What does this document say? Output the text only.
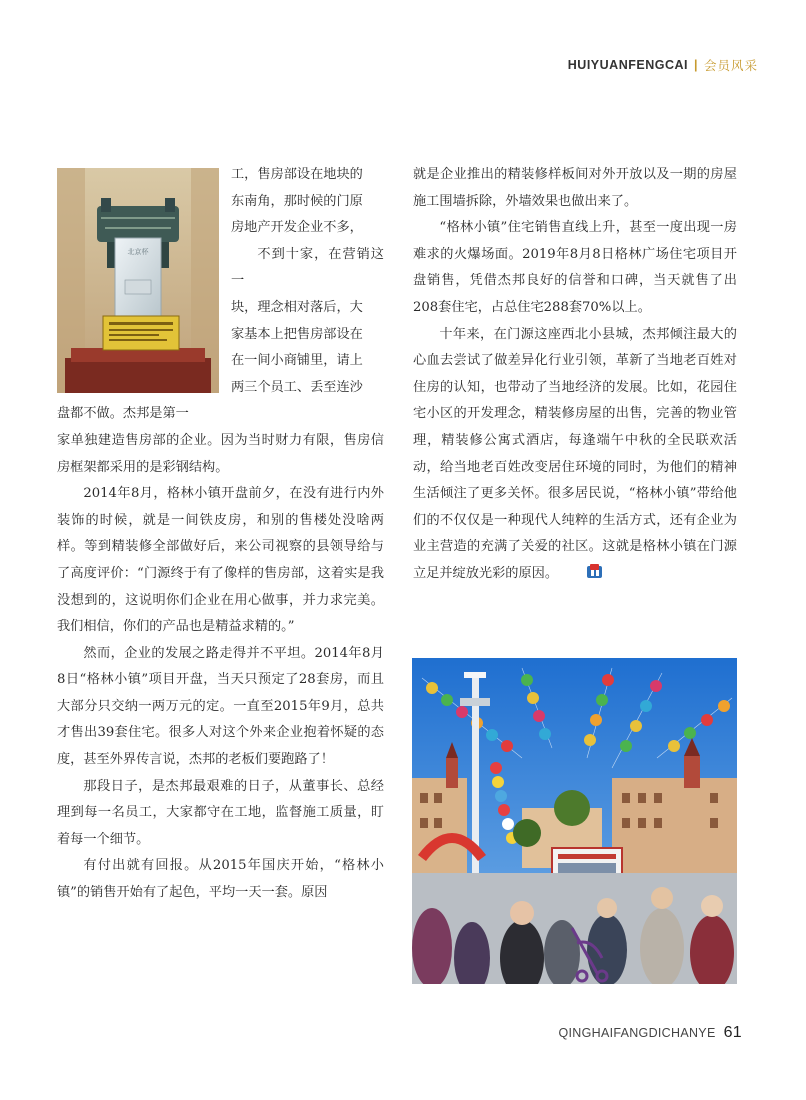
HUIYUANFENGCAI | 会员风采
北京杯

工，售房部设在地块的

东南角，那时候的门原

房地产开发企业不多，

不到十家，在营销这一

块，理念相对落后，大

家基本上把售房部设在

在一间小商铺里，请上

两三个员工、丢至连沙

盘都不做。杰邦是第一

家单独建造售房部的企业。因为当时财力有限，售房信房框架都采用的是彩钢结构。

2014年8月，格林小镇开盘前夕，在没有进行内外装饰的时候，就是一间铁皮房，和别的售楼处没啥两样。等到精装修全部做好后，来公司视察的县领导给与了高度评价：“门源终于有了像样的售房部，这着实是我没想到的，这说明你们企业在用心做事，并力求完美。我们相信，你们的产品也是精益求精的。”

然而，企业的发展之路走得并不平坦。2014年8月8日“格林小镇”项目开盘，当天只预定了28套房，而且大部分只交纳一两万元的定。一直至2015年9月，总共才售出39套住宅。很多人对这个外来企业抱着怀疑的态度，甚至外界传言说，杰邦的老板们要跑路了！

那段日子，是杰邦最艰难的日子，从董事长、总经理到每一名员工，大家都守在工地，监督施工质量，盯着每一个细节。

有付出就有回报。从2015年国庆开始，“格林小镇”的销售开始有了起色，平均一天一套。原因

就是企业推出的精装修样板间对外开放以及一期的房屋施工围墙拆除，外墙效果也做出来了。

“格林小镇”住宅销售直线上升，甚至一度出现一房难求的火爆场面。2019年8月8日格林广场住宅项目开盘销售，凭借杰邦良好的信誉和口碑，当天就售了出208套住宅，占总住宅288套70%以上。

十年来，在门源这座西北小县城，杰邦倾注最大的心血去尝试了做差异化行业引领，革新了当地老百姓对住房的认知，也带动了当地经济的发展。比如，花园住宅小区的开发理念，精装修房屋的出售，完善的物业管理，精装修公寓式酒店，每逢端午中秋的全民联欢活动，给当地老百姓改变居住环境的同时，为他们的精神生活倾注了更多关怀。很多居民说，“格林小镇”带给他们的不仅仅是一种现代人纯粹的生活方式，还有企业为业主营造的充满了关爱的社区。这就是格林小镇在门源立足并绽放光彩的原因。

QINGHAIFANGDICHANYE 61
